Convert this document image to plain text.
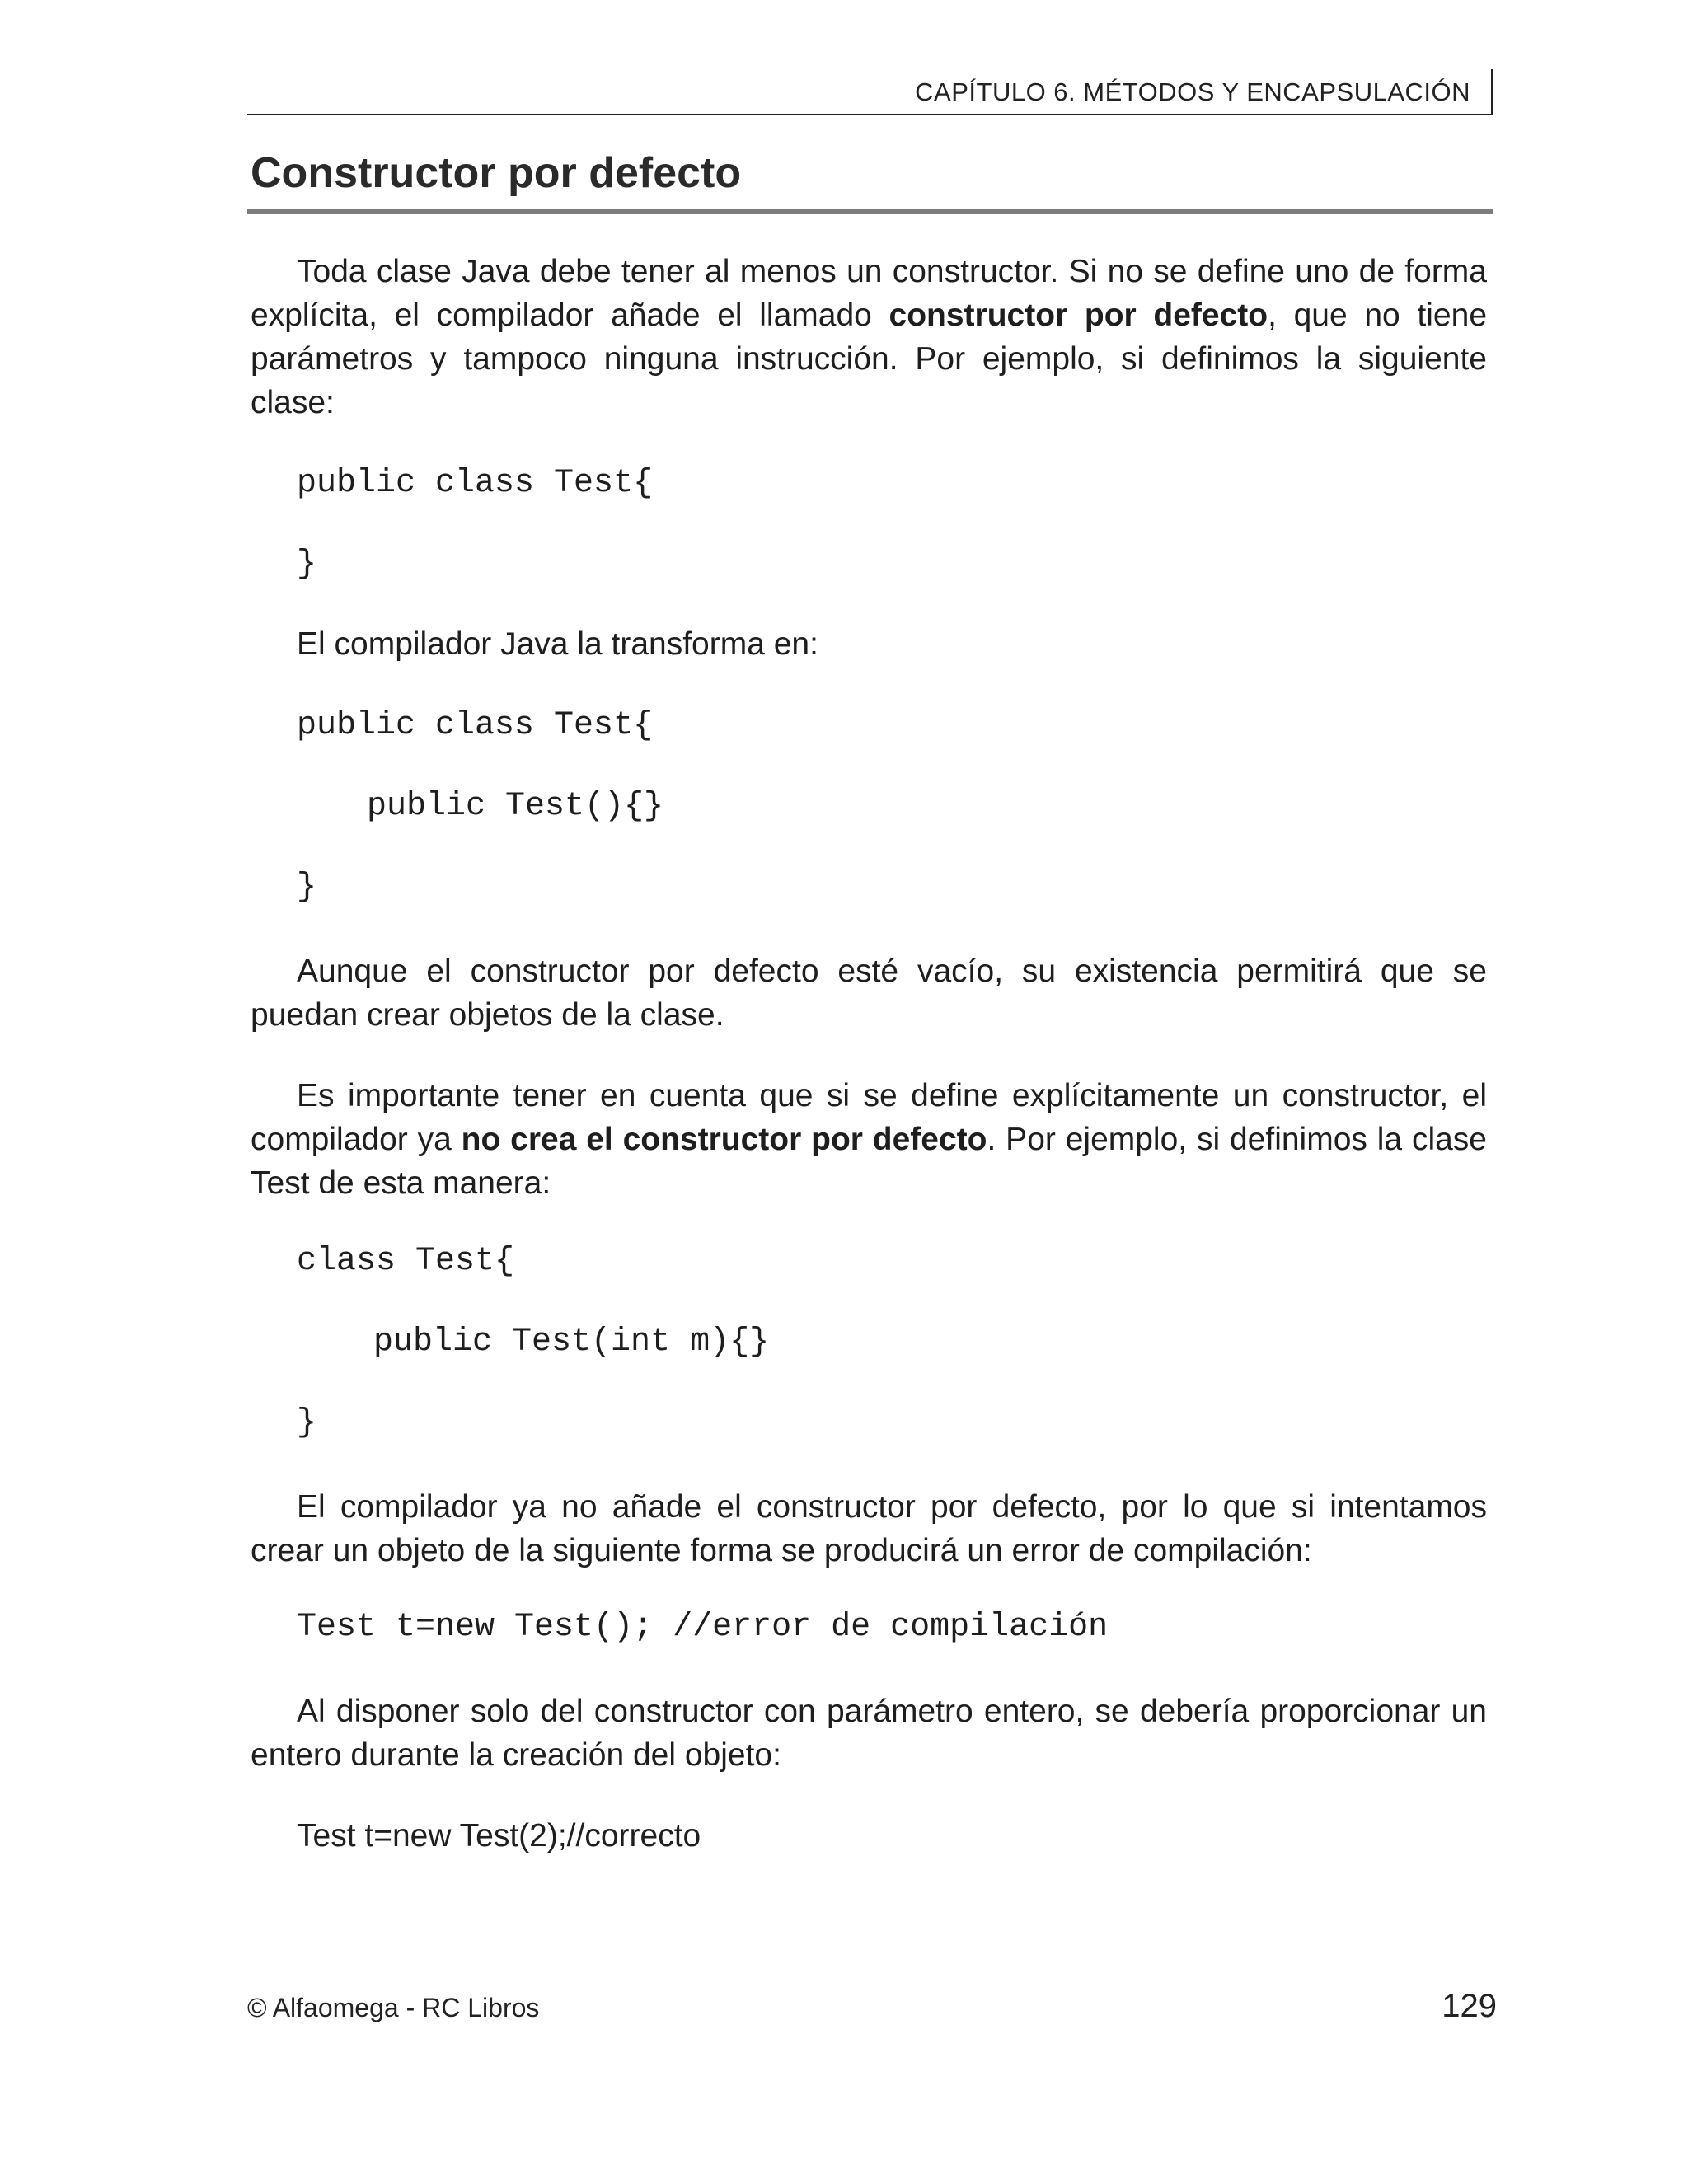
CAPÍTULO 6. MÉTODOS Y ENCAPSULACIÓN
Constructor por defecto

Toda clase Java debe tener al menos un constructor. Si no se define uno de forma explícita, el compilador añade el llamado constructor por defecto, que no tiene parámetros y tampoco ninguna instrucción. Por ejemplo, si definimos la siguiente clase:

public class Test{
}

El compilador Java la transforma en:

public class Test{
public Test(){}
}

Aunque el constructor por defecto esté vacío, su existencia permitirá que se puedan crear objetos de la clase.

Es importante tener en cuenta que si se define explícitamente un constructor, el compilador ya no crea el constructor por defecto. Por ejemplo, si definimos la clase Test de esta manera:

class Test{
public Test(int m){}
}

El compilador ya no añade el constructor por defecto, por lo que si intentamos crear un objeto de la siguiente forma se producirá un error de compilación:

Test t=new Test(); //error de compilación

Al disponer solo del constructor con parámetro entero, se debería proporcionar un entero durante la creación del objeto:

Test t=new Test(2);//correcto

© Alfaomega - RC Libros	129
